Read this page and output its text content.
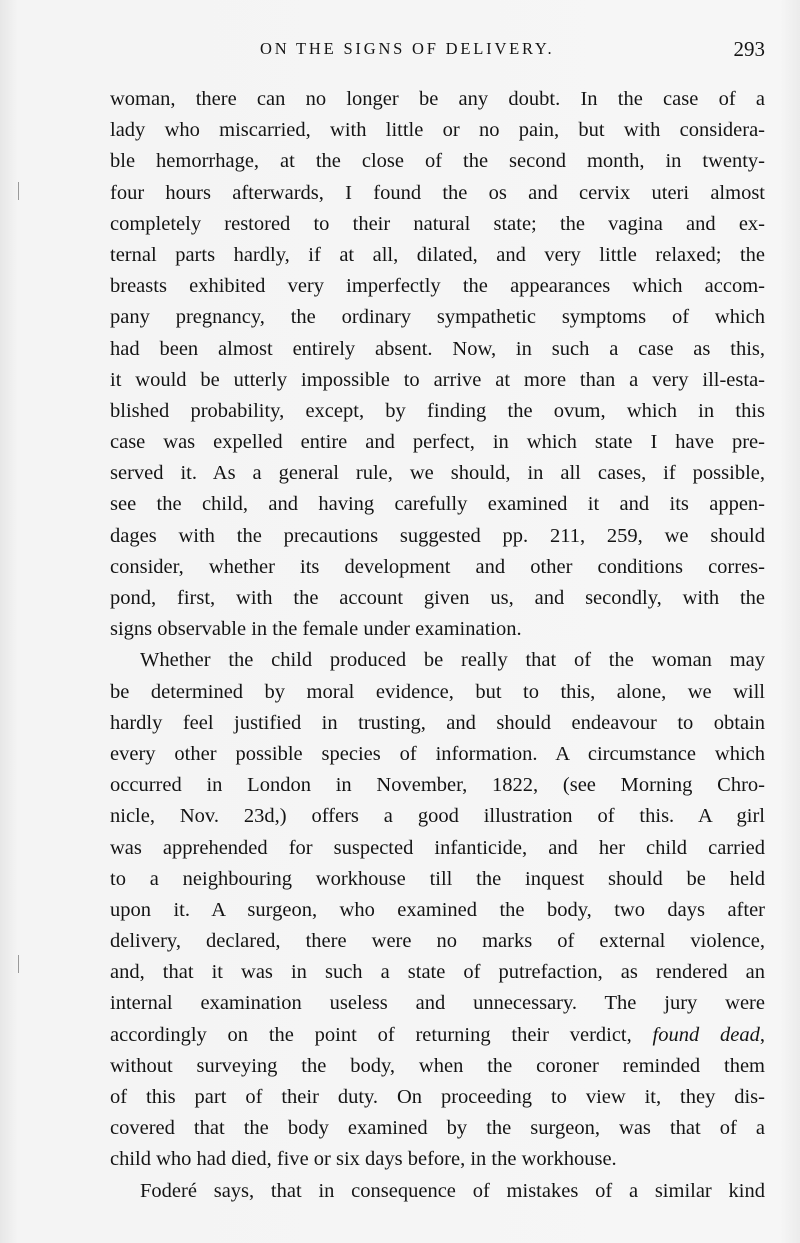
ON THE SIGNS OF DELIVERY.	293
woman, there can no longer be any doubt. In the case of a
lady who miscarried, with little or no pain, but with considera-
ble hemorrhage, at the close of the second month, in twenty-
four hours afterwards, I found the os and cervix uteri almost
completely restored to their natural state; the vagina and ex-
ternal parts hardly, if at all, dilated, and very little relaxed; the
breasts exhibited very imperfectly the appearances which accom-
pany pregnancy, the ordinary sympathetic symptoms of which
had been almost entirely absent. Now, in such a case as this,
it would be utterly impossible to arrive at more than a very ill-esta-
blished probability, except, by finding the ovum, which in this
case was expelled entire and perfect, in which state I have pre-
served it. As a general rule, we should, in all cases, if possible,
see the child, and having carefully examined it and its appen-
dages with the precautions suggested pp. 211, 259, we should
consider, whether its development and other conditions corres-
pond, first, with the account given us, and secondly, with the
signs observable in the female under examination.
Whether the child produced be really that of the woman may
be determined by moral evidence, but to this, alone, we will
hardly feel justified in trusting, and should endeavour to obtain
every other possible species of information. A circumstance which
occurred in London in November, 1822, (see Morning Chro-
nicle, Nov. 23d,) offers a good illustration of this. A girl
was apprehended for suspected infanticide, and her child carried
to a neighbouring workhouse till the inquest should be held
upon it. A surgeon, who examined the body, two days after
delivery, declared, there were no marks of external violence,
and, that it was in such a state of putrefaction, as rendered an
internal examination useless and unnecessary. The jury were
accordingly on the point of returning their verdict, found dead,
without surveying the body, when the coroner reminded them
of this part of their duty. On proceeding to view it, they dis-
covered that the body examined by the surgeon, was that of a
child who had died, five or six days before, in the workhouse.
Foderé says, that in consequence of mistakes of a similar kind
